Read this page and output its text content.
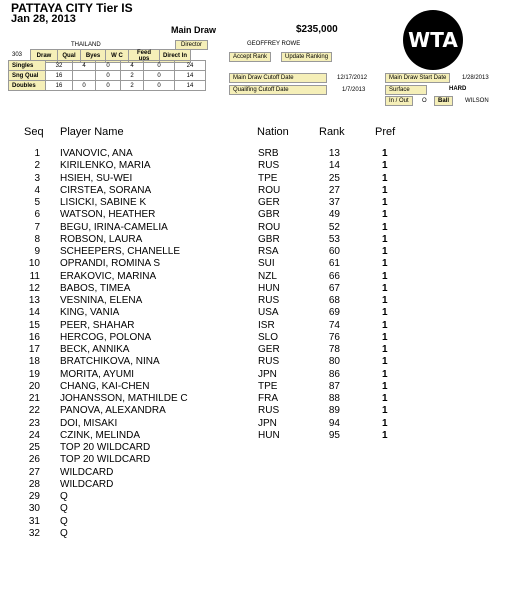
PATTAYA CITY Tier IS
Jan 28, 2013
Main Draw	$235,000
THAILAND	Director	GEOFFREY ROWE	WTA
303 Draw	Qual	Byes	W C	Feed ups	Direct In
Singles	32	4	0	4	0	24
Sng Qual	16		0	2	0	14
Doubles	16	0	0	2	0	14
Accept Rank	Update Ranking
Main Draw Cutoff Date	12/17/2012
Qualifing Cutoff Date	1/7/2013
Main Draw Start Date	1/28/2013
Surface	HARD
In / Out	O	Ball	WILSON
Seq Player Name	Nation	Rank	Pref
1 IVANOVIC, ANA	SRB	13	1
2 KIRILENKO, MARIA	RUS	14	1
3 HSIEH, SU-WEI	TPE	25	1
4 CIRSTEA, SORANA	ROU	27	1
5 LISICKI, SABINE K	GER	37	1
6 WATSON, HEATHER	GBR	49	1
7 BEGU, IRINA-CAMELIA	ROU	52	1
8 ROBSON, LAURA	GBR	53	1
9 SCHEEPERS, CHANELLE	RSA	60	1
10 OPRANDI, ROMINA S	SUI	61	1
11 ERAKOVIC, MARINA	NZL	66	1
12 BABOS, TIMEA	HUN	67	1
13 VESNINA, ELENA	RUS	68	1
14 KING, VANIA	USA	69	1
15 PEER, SHAHAR	ISR	74	1
16 HERCOG, POLONA	SLO	76	1
17 BECK, ANNIKA	GER	78	1
18 BRATCHIKOVA, NINA	RUS	80	1
19 MORITA, AYUMI	JPN	86	1
20 CHANG, KAI-CHEN	TPE	87	1
21 JOHANSSON, MATHILDE C	FRA	88	1
22 PANOVA, ALEXANDRA	RUS	89	1
23 DOI, MISAKI	JPN	94	1
24 CZINK, MELINDA	HUN	95	1
25 TOP 20 WILDCARD
26 TOP 20 WILDCARD
27 WILDCARD
28 WILDCARD
29 Q
30 Q
31 Q
32 Q
